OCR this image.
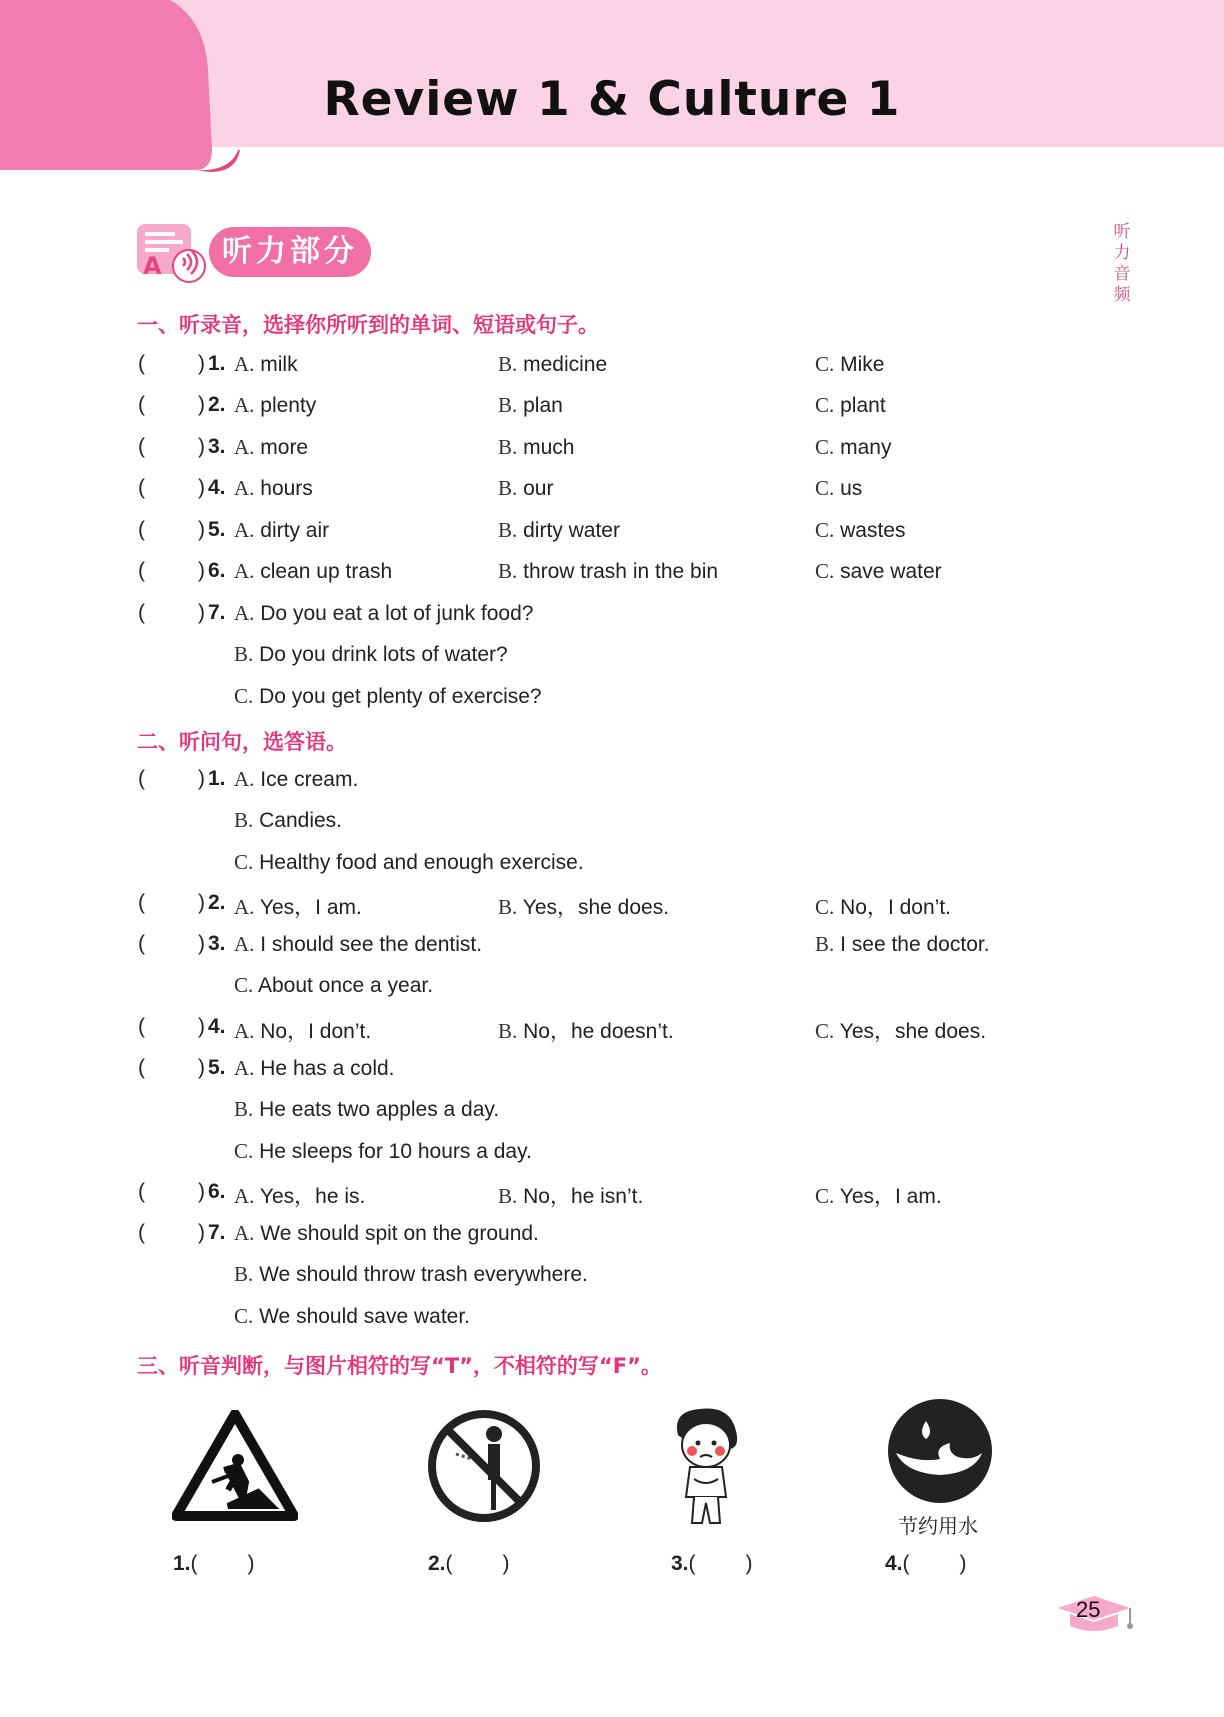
Review 1 & Culture 1
听
力
音
频
A	听力部分
一、听录音，选择你所听到的单词、短语或句子。
(	) 1. A. milk	B. medicine	C. Mike
(	) 2. A. plenty	B. plan	C. plant
(	) 3. A. more	B. much	C. many
(	) 4. A. hours	B. our	C. us
(	) 5. A. dirty air	B. dirty water	C. wastes
(	) 6. A. clean up trash	B. throw trash in the bin	C. save water
(	) 7. A. Do you eat a lot of junk food?
B. Do you drink lots of water?
C. Do you get plenty of exercise?
(	) 1. A. Ice cream.
B. Candies.
C. Healthy food and enough exercise.
(	) 2. A. Yes，I am.	B. Yes，she does.	C. No，I don’t.
(	) 3. A. I should see the dentist.	B. I see the doctor.
C. About once a year.
(	) 4. A. No，I don’t.	B. No，he doesn’t.	C. Yes，she does.
(	) 5. A. He has a cold.
B. He eats two apples a day.
C. He sleeps for 10 hours a day.
(	) 6. A. Yes，he is.	B. No，he isn’t.	C. Yes，I am.
(	) 7. A. We should spit on the ground.
B. We should throw trash everywhere.
C. We should save water.
二、听问句，选答语。
三、听音判断，与图片相符的写“T”，不相符的写“F”。
节约用水
1.( )	2.( )	3.( )	4.( )
25
